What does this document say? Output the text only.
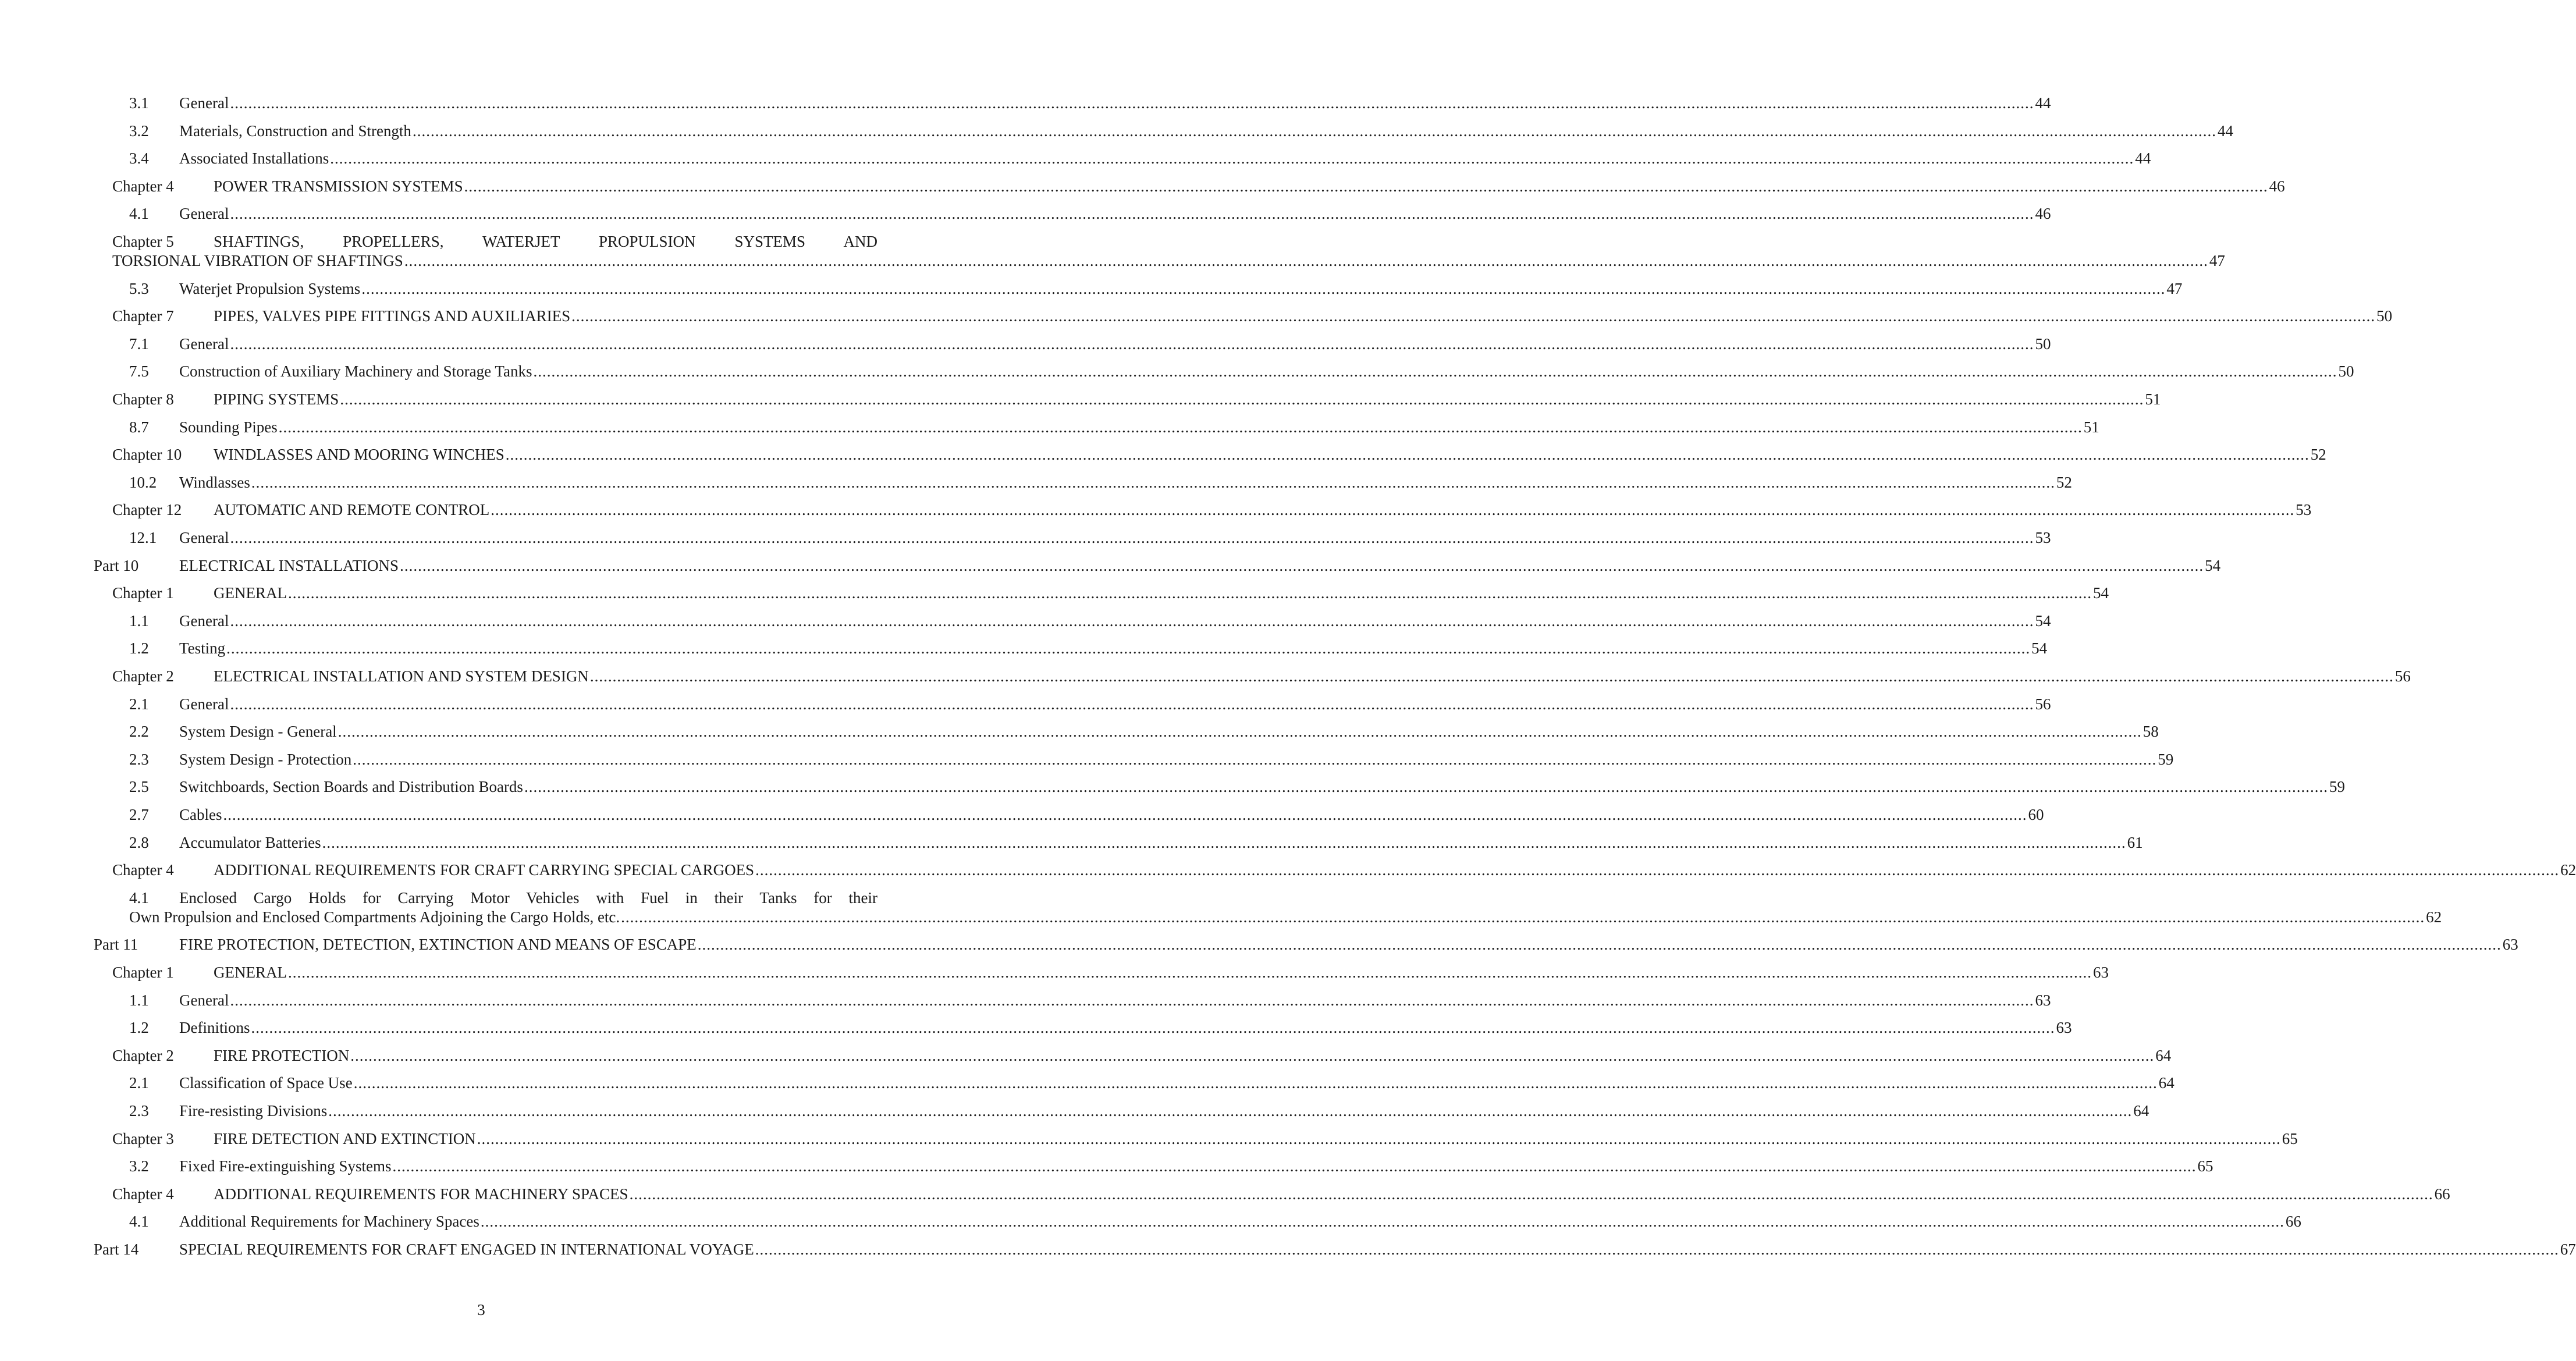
3.1 General ................................................................................................................................................................................................................................................................................................................................................................................................................ 44
3.2 Materials, Construction and Strength ................................................................................................................................................................................................................................................................................................................................................................................................................ 44
3.4 Associated Installations ................................................................................................................................................................................................................................................................................................................................................................................................................ 44
Chapter 4	POWER TRANSMISSION SYSTEMS ................................................................................................................................................................................................................................................................................................................................................................................................................ 46
4.1 General ................................................................................................................................................................................................................................................................................................................................................................................................................ 46
Chapter 5	SHAFTINGS, PROPELLERS, WATERJET PROPULSION SYSTEMS AND
TORSIONAL VIBRATION OF SHAFTINGS ................................................................................................................................................................................................................................................................................................................................................................................................................ 47
5.3 Waterjet Propulsion Systems ................................................................................................................................................................................................................................................................................................................................................................................................................ 47
Chapter 7	PIPES, VALVES PIPE FITTINGS AND AUXILIARIES ................................................................................................................................................................................................................................................................................................................................................................................................................ 50
7.1 General ................................................................................................................................................................................................................................................................................................................................................................................................................ 50
7.5 Construction of Auxiliary Machinery and Storage Tanks ................................................................................................................................................................................................................................................................................................................................................................................................................ 50
Chapter 8	PIPING SYSTEMS ................................................................................................................................................................................................................................................................................................................................................................................................................ 51
8.7 Sounding Pipes ................................................................................................................................................................................................................................................................................................................................................................................................................ 51
Chapter 10 WINDLASSES AND MOORING WINCHES ................................................................................................................................................................................................................................................................................................................................................................................................................ 52
10.2 Windlasses ................................................................................................................................................................................................................................................................................................................................................................................................................ 52
Chapter 12 AUTOMATIC AND REMOTE CONTROL ................................................................................................................................................................................................................................................................................................................................................................................................................ 53
12.1 General ................................................................................................................................................................................................................................................................................................................................................................................................................ 53
Part 10	ELECTRICAL INSTALLATIONS ................................................................................................................................................................................................................................................................................................................................................................................................................ 54
Chapter 1	GENERAL ................................................................................................................................................................................................................................................................................................................................................................................................................ 54
1.1 General ................................................................................................................................................................................................................................................................................................................................................................................................................ 54
1.2 Testing ................................................................................................................................................................................................................................................................................................................................................................................................................ 54
Chapter 2	ELECTRICAL INSTALLATION AND SYSTEM DESIGN ................................................................................................................................................................................................................................................................................................................................................................................................................ 56
2.1 General ................................................................................................................................................................................................................................................................................................................................................................................................................ 56
2.2 System Design - General ................................................................................................................................................................................................................................................................................................................................................................................................................ 58
2.3 System Design - Protection ................................................................................................................................................................................................................................................................................................................................................................................................................ 59
2.5 Switchboards, Section Boards and Distribution Boards ................................................................................................................................................................................................................................................................................................................................................................................................................ 59
2.7 Cables ................................................................................................................................................................................................................................................................................................................................................................................................................ 60
2.8 Accumulator Batteries ................................................................................................................................................................................................................................................................................................................................................................................................................ 61
Chapter 4	ADDITIONAL REQUIREMENTS FOR CRAFT CARRYING SPECIAL CARGOES ................................................................................................................................................................................................................................................................................................................................................................................................................ 62
4.1 Enclosed Cargo Holds for Carrying Motor Vehicles with Fuel in their Tanks for their
Own Propulsion and Enclosed Compartments Adjoining the Cargo Holds, etc. ................................................................................................................................................................................................................................................................................................................................................................................................................ 62
Part 11	FIRE PROTECTION, DETECTION, EXTINCTION AND MEANS OF ESCAPE ................................................................................................................................................................................................................................................................................................................................................................................................................ 63
Chapter 1	GENERAL ................................................................................................................................................................................................................................................................................................................................................................................................................ 63
1.1 General ................................................................................................................................................................................................................................................................................................................................................................................................................ 63
1.2 Definitions ................................................................................................................................................................................................................................................................................................................................................................................................................ 63
Chapter 2	FIRE PROTECTION ................................................................................................................................................................................................................................................................................................................................................................................................................ 64
2.1 Classification of Space Use ................................................................................................................................................................................................................................................................................................................................................................................................................ 64
2.3 Fire-resisting Divisions ................................................................................................................................................................................................................................................................................................................................................................................................................ 64
Chapter 3	FIRE DETECTION AND EXTINCTION ................................................................................................................................................................................................................................................................................................................................................................................................................ 65
3.2 Fixed Fire-extinguishing Systems ................................................................................................................................................................................................................................................................................................................................................................................................................ 65
Chapter 4	ADDITIONAL REQUIREMENTS FOR MACHINERY SPACES ................................................................................................................................................................................................................................................................................................................................................................................................................ 66
4.1 Additional Requirements for Machinery Spaces ................................................................................................................................................................................................................................................................................................................................................................................................................ 66
Part 14	SPECIAL REQUIREMENTS FOR CRAFT ENGAGED IN INTERNATIONAL VOYAGE ................................................................................................................................................................................................................................................................................................................................................................................................................ 67
3
